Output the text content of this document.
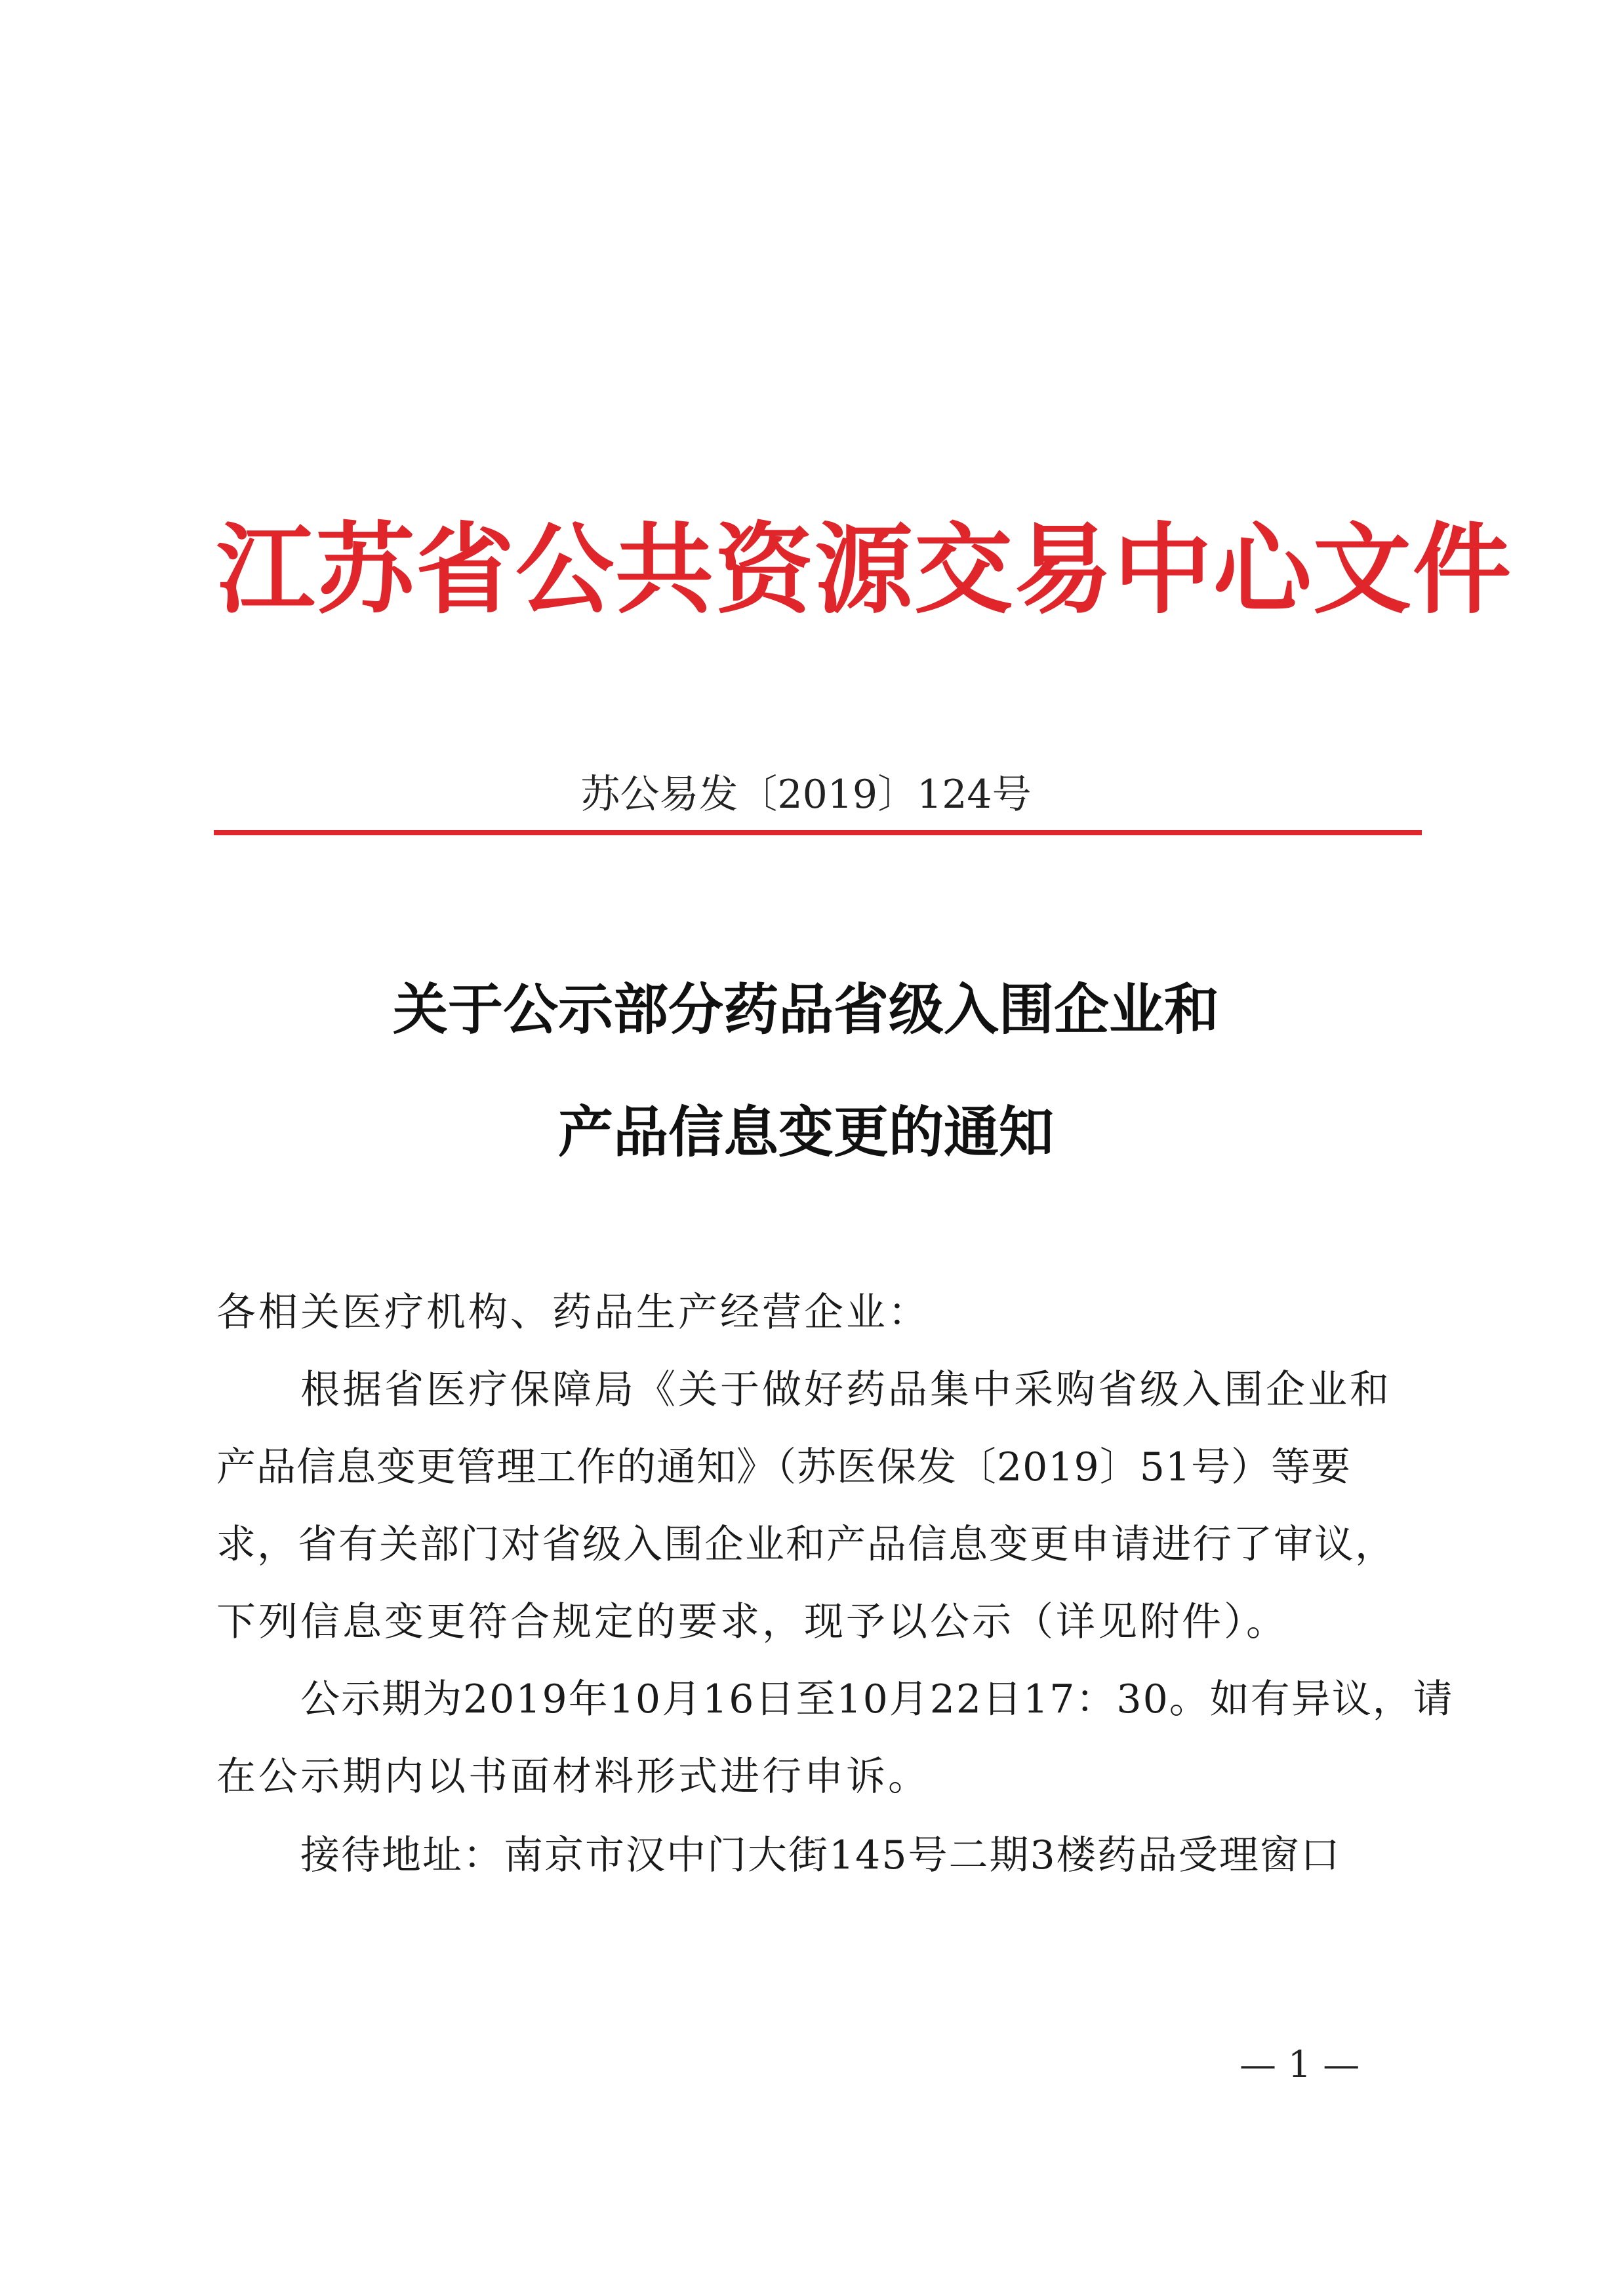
江苏省公共资源交易中心文件
苏公易发〔2019〕124号
关于公示部分药品省级入围企业和
产品信息变更的通知
各相关医疗机构、药品生产经营企业：
根据省医疗保障局《关于做好药品集中采购省级入围企业和
产品信息变更管理工作的通知》（苏医保发〔2019〕51号）等要
求，省有关部门对省级入围企业和产品信息变更申请进行了审议，
下列信息变更符合规定的要求，现予以公示（详见附件）。
公示期为2019年10月16日至10月22日17：30。如有异议，请
在公示期内以书面材料形式进行申诉。
接待地址：南京市汉中门大街145号二期3楼药品受理窗口
— 1 —
